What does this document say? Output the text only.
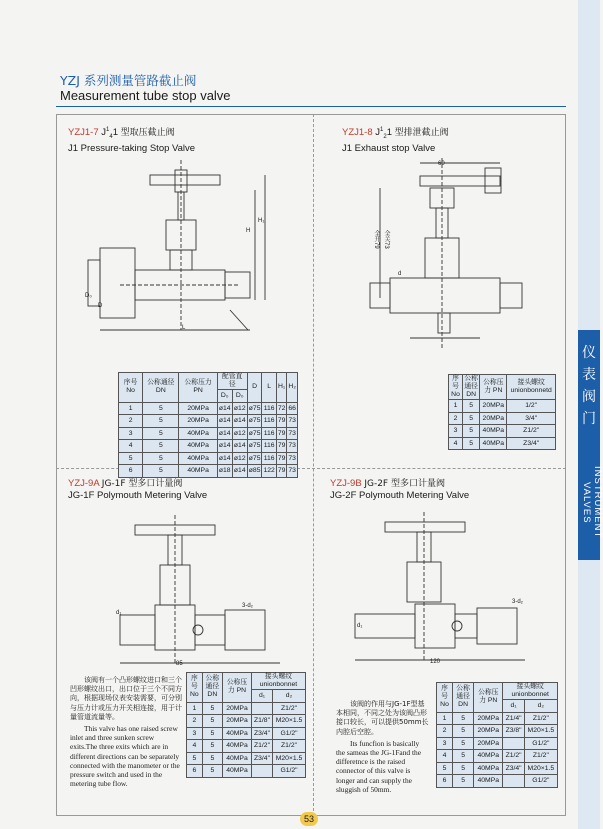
仪
表
阀
门
INSTRUMENT VALVES
YZJ 系列测量管路截止阀
Measurement tube stop valve
YZJ1-7 $J^1_41$ 型取压截止阀
J1 Pressure-taking Stop Valve
YZJ1-8 $J^1_21$ 型排泄截止阀
J1 Exhaust stop Valve
YZJ-9A JG-1F 型多口计量阀
JG-1F Polymouth Metering Valve
YZJ-9B JG-2F 型多口计量阀
JG-2F Polymouth Metering Valve
H
H₁
D₀
D
L
60
全开79 全关73
d
序号 No	公称通径 DN	公称压力 PN	配管直径		D	L	H₁	H₂
			D₀	D₀				
1	5	20MPa	ø14	ø12	ø75	116	72	66
2	5	20MPa	ø14	ø14	ø75	116	79	73
3	5	40MPa	ø14	ø12	ø75	116	79	73
4	5	40MPa	ø14	ø14	ø75	116	79	73
5	5	40MPa	ø14	ø12	ø75	116	79	73
6	5	40MPa	ø18	ø14	ø85	122	79	73
序号 No	公称通径 DN	公称压力 PN	接头螺纹 unionbonnetd
1	5	20MPa	1/2"
2	5	20MPa	3/4"
3	5	40MPa	Z1/2"
4	5	40MPa	Z3/4"
3-d₂
d₁
85
3-d₂
d₁
120
该阀有一个凸形螺纹进口和三个凹形螺纹出口，出口位于三个不同方向，根据现场仪表安装需要，可分别与压力计或压力开关相连接，用于计量管道流量等。
This valve has one raised screw inlet and three sunken screw exits.The three exits which are in different directions can be separately connected with the manometer or the pressure switch and used in the metering tube flow.
序号 No	公称通径 DN	公称压力 PN	接头螺纹 unionbonnet	
			d₁	d₂
1	5	20MPa		Z1/2"
2	5	20MPa	Z1/8"	M20×1.5
3	5	40MPa	Z3/4"	G1/2"
4	5	40MPa	Z1/2"	Z1/2"
5	5	40MPa	Z3/4"	M20×1.5
6	5	40MPa		G1/2"
该阀的作用与JG-1F型基本相同，不同之处为该阀凸形接口较长，可以提供50mm长内腔后空腔。
Its funcfion is basically the sameas the JG-1Fand the differetnce is the raised connector of this valve is longer and can supply the sluggish of 50mm.
序号 No	公称通径 DN	公称压力 PN	接头螺纹 unionbonnet	
			d₁	d₂
1	5	20MPa	Z1/4"	Z1/2"
2	5	20MPa	Z3/8"	M20×1.5
3	5	20MPa		G1/2"
4	5	40MPa	Z1/2"	Z1/2"
5	5	40MPa	Z3/4"	M20×1.5
6	5	40MPa		G1/2"
53
